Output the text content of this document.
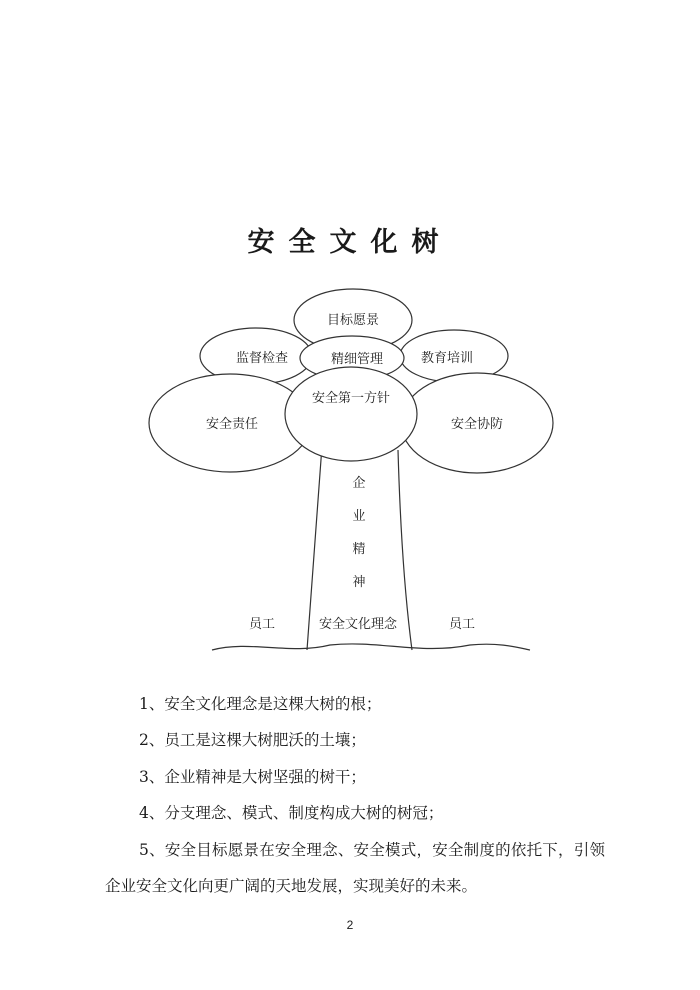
安全文化树
目标愿景
监督检查	精细管理	教育培训
安全责任
安全第一方针
安全协防
企
业
精
神
员工	安全文化理念	员工
1、安全文化理念是这棵大树的根；
2、员工是这棵大树肥沃的土壤；
3、企业精神是大树坚强的树干；
4、分支理念、模式、制度构成大树的树冠；
5、安全目标愿景在安全理念、安全模式，安全制度的依托下，引领企业安全文化向更广阔的天地发展，实现美好的未来。
2
